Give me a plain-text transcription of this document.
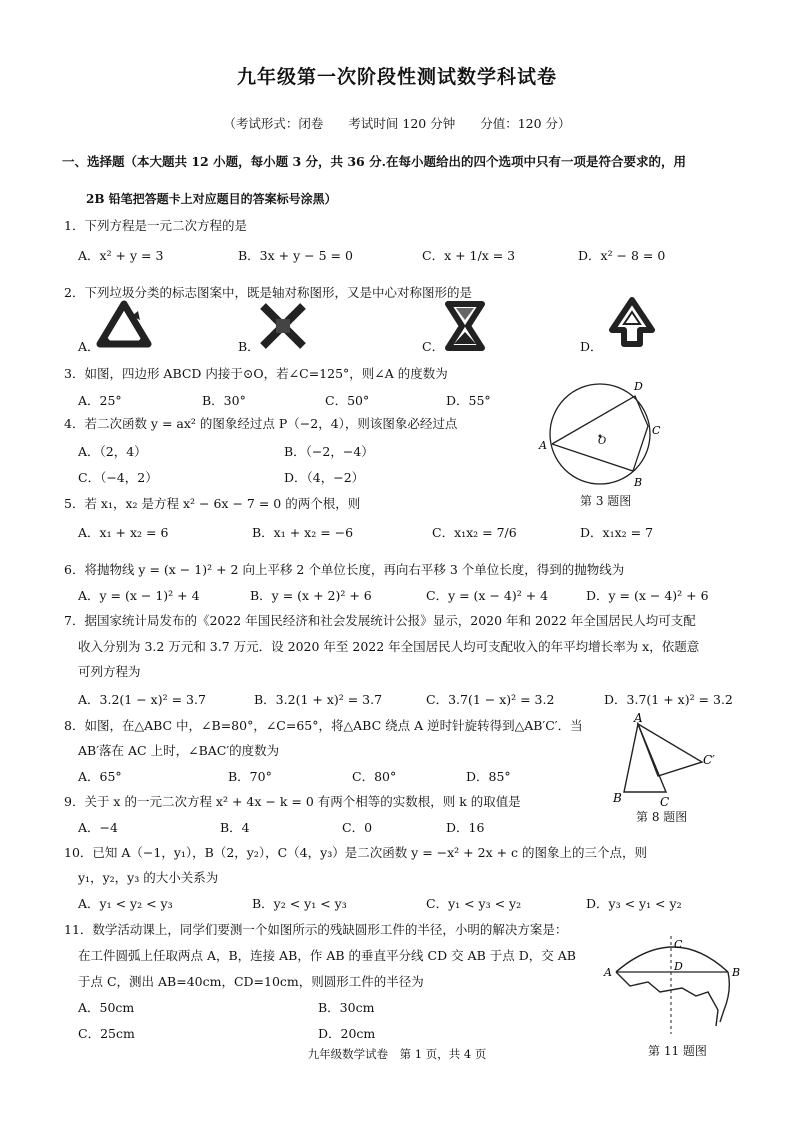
九年级第一次阶段性测试数学科试卷
（考试形式：闭卷　　考试时间 120 分钟　　分值：120 分）
一、选择题（本大题共 12 小题，每小题 3 分，共 36 分.在每小题给出的四个选项中只有一项是符合要求的，用
2B 铅笔把答题卡上对应题目的答案标号涂黑）
1．下列方程是一元二次方程的是
A．x² + y = 3	B．3x + y − 5 = 0	C．x + 1/x = 3	D．x² − 8 = 0
2．下列垃圾分类的标志图案中，既是轴对称图形，又是中心对称图形的是
A．	B．	C．	D．
3．如图，四边形 ABCD 内接于⊙O，若∠C=125°，则∠A 的度数为
A．25°	B．30°	C．50°	D．55°
A
B
C
D
O
第 3 题图
4．若二次函数 y = ax² 的图象经过点 P（−2，4），则该图象必经过点
A．（2，4）	B．（−2，−4）
C．（−4，2）	D．（4，−2）
5．若 x₁，x₂ 是方程 x² − 6x − 7 = 0 的两个根，则
A．x₁ + x₂ = 6	B．x₁ + x₂ = −6	C．x₁x₂ = 7/6	D．x₁x₂ = 7
6．将抛物线 y = (x − 1)² + 2 向上平移 2 个单位长度，再向右平移 3 个单位长度，得到的抛物线为
A．y = (x − 1)² + 4	B．y = (x + 2)² + 6	C．y = (x − 4)² + 4	D．y = (x − 4)² + 6
7．据国家统计局发布的《2022 年国民经济和社会发展统计公报》显示，2020 年和 2022 年全国居民人均可支配
收入分别为 3.2 万元和 3.7 万元．设 2020 年至 2022 年全国居民人均可支配收入的年平均增长率为 x，依题意
可列方程为
A．3.2(1 − x)² = 3.7	B．3.2(1 + x)² = 3.7	C．3.7(1 − x)² = 3.2	D．3.7(1 + x)² = 3.2
8．如图，在△ABC 中，∠B=80°，∠C=65°，将△ABC 绕点 A 逆时针旋转得到△AB′C′．当
AB′落在 AC 上时，∠BAC′的度数为
A．65°	B．70°	C．80°	D．85°
A
B	C
C′
第 8 题图
9．关于 x 的一元二次方程 x² + 4x − k = 0 有两个相等的实数根，则 k 的取值是
A．−4	B．4	C．0	D．16
10．已知 A（−1，y₁），B（2，y₂），C（4，y₃）是二次函数 y = −x² + 2x + c 的图象上的三个点，则
y₁，y₂，y₃ 的大小关系为
A．y₁ < y₂ < y₃	B．y₂ < y₁ < y₃	C．y₁ < y₃ < y₂	D．y₃ < y₁ < y₂
11．数学活动课上，同学们要测一个如图所示的残缺圆形工件的半径，小明的解决方案是：
在工件圆弧上任取两点 A，B，连接 AB，作 AB 的垂直平分线 CD 交 AB 于点 D，交 AB
于点 C，测出 AB=40cm，CD=10cm，则圆形工件的半径为
A．50cm	B．30cm
C．25cm	D．20cm
A	B
C
D
第 11 题图
九年级数学试卷　第 1 页，共 4 页
